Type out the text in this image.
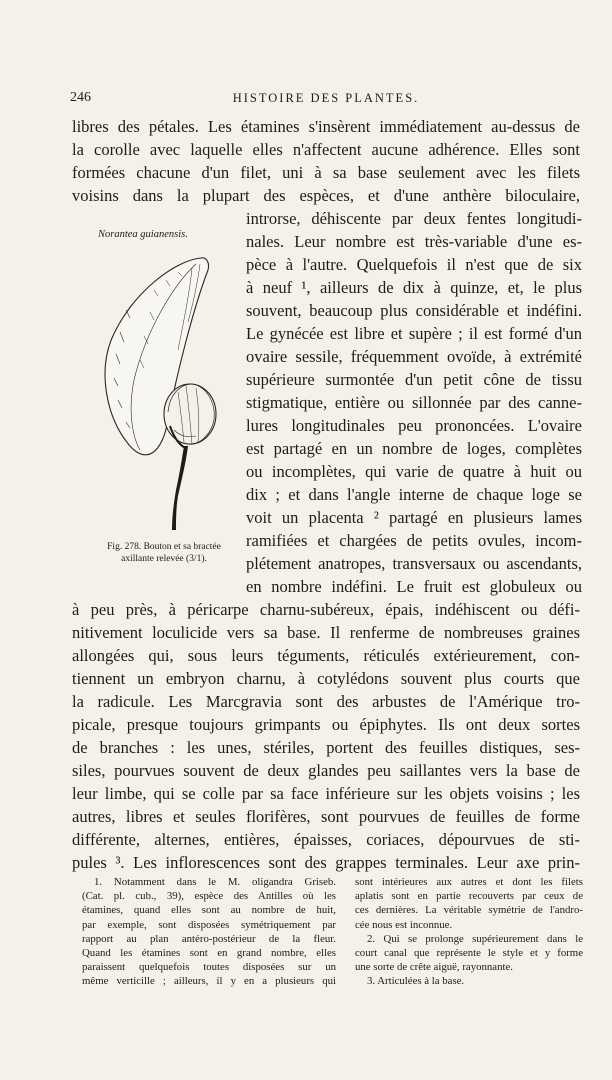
246	HISTOIRE DES PLANTES.
libres des pétales. Les étamines s'insèrent immédiatement au-dessus de
la corolle avec laquelle elles n'affectent aucune adhérence. Elles sont
formées chacune d'un filet, uni à sa base seulement avec les filets
voisins dans la plupart des espèces, et d'une anthère biloculaire,
introrse, déhiscente par deux fentes longitudi-
nales. Leur nombre est très-variable d'une es-
pèce à l'autre. Quelquefois il n'est que de six
à neuf ¹, ailleurs de dix à quinze, et, le plus
souvent, beaucoup plus considérable et indéfini.
Le gynécée est libre et supère ; il est formé d'un
ovaire sessile, fréquemment ovoïde, à extrémité
supérieure surmontée d'un petit cône de tissu
stigmatique, entière ou sillonnée par des canne-
lures longitudinales peu prononcées. L'ovaire
est partagé en un nombre de loges, complètes
ou incomplètes, qui varie de quatre à huit ou
dix ; et dans l'angle interne de chaque loge se
voit un placenta ² partagé en plusieurs lames
ramifiées et chargées de petits ovules, incom-
plétement anatropes, transversaux ou ascendants,
en nombre indéfini. Le fruit est globuleux ou
à peu près, à péricarpe charnu-subéreux, épais, indéhiscent ou défi-
nitivement loculicide vers sa base. Il renferme de nombreuses graines
allongées qui, sous leurs téguments, réticulés extérieurement, con-
tiennent un embryon charnu, à cotylédons souvent plus courts que
la radicule. Les Marcgravia sont des arbustes de l'Amérique tro-
picale, presque toujours grimpants ou épiphytes. Ils ont deux sortes
de branches : les unes, stériles, portent des feuilles distiques, ses-
siles, pourvues souvent de deux glandes peu saillantes vers la base de
leur limbe, qui se colle par sa face inférieure sur les objets voisins ; les
autres, libres et seules florifères, sont pourvues de feuilles de forme
différente, alternes, entières, épaisses, coriaces, dépourvues de sti-
pules ³. Les inflorescences sont des grappes terminales. Leur axe prin-
Norantea guianensis.
Fig. 278. Bouton et sa bractée
axillante relevée (3/1).
1. Notamment dans le M. oligandra Griseb.
(Cat. pl. cub., 39), espèce des Antilles où les
étamines, quand elles sont au nombre de huit,
par exemple, sont disposées symétriquement par
rapport au plan antéro-postérieur de la fleur.
Quand les étamines sont en grand nombre, elles
paraissent quelquefois toutes disposées sur un
même verticille ; ailleurs, il y en a plusieurs qui
sont intérieures aux autres et dont les filets
aplatis sont en partie recouverts par ceux de
ces dernières. La véritable symétrie de l'andro-
cée nous est inconnue.
2. Qui se prolonge supérieurement dans le
court canal que représente le style et y forme
une sorte de crête aiguë, rayonnante.
3. Articulées à la base.
